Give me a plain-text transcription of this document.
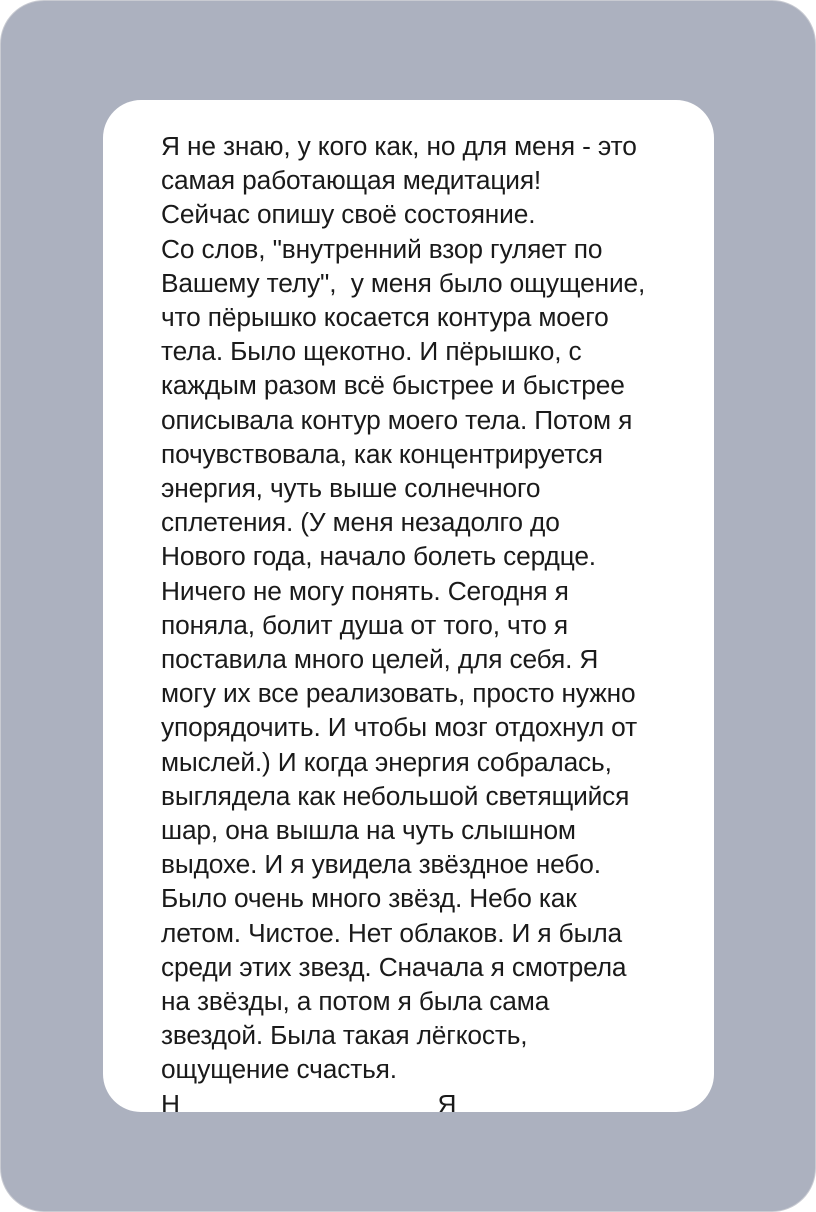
Я не знаю, у кого как, но для меня - это
самая работающая медитация!
Сейчас опишу своё состояние.
Со слов, "внутренний взор гуляет по
Вашему телу",  у меня было ощущение,
что пёрышко косается контура моего
тела. Было щекотно. И пёрышко, с
каждым разом всё быстрее и быстрее
описывала контур моего тела. Потом я
почувствовала, как концентрируется
энергия, чуть выше солнечного
сплетения. (У меня незадолго до
Нового года, начало болеть сердце.
Ничего не могу понять. Сегодня я
поняла, болит душа от того, что я
поставила много целей, для себя. Я
могу их все реализовать, просто нужно
упорядочить. И чтобы мозг отдохнул от
мыслей.) И когда энергия собралась,
выглядела как небольшой светящийся
шар, она вышла на чуть слышном
выдохе. И я увидела звёздное небо.
Было очень много звёзд. Небо как
летом. Чистое. Нет облаков. И я была
среди этих звезд. Сначала я смотрела
на звёзды, а потом я была сама
звездой. Была такая лёгкость,
ощущение счастья.
Н                                    Я
